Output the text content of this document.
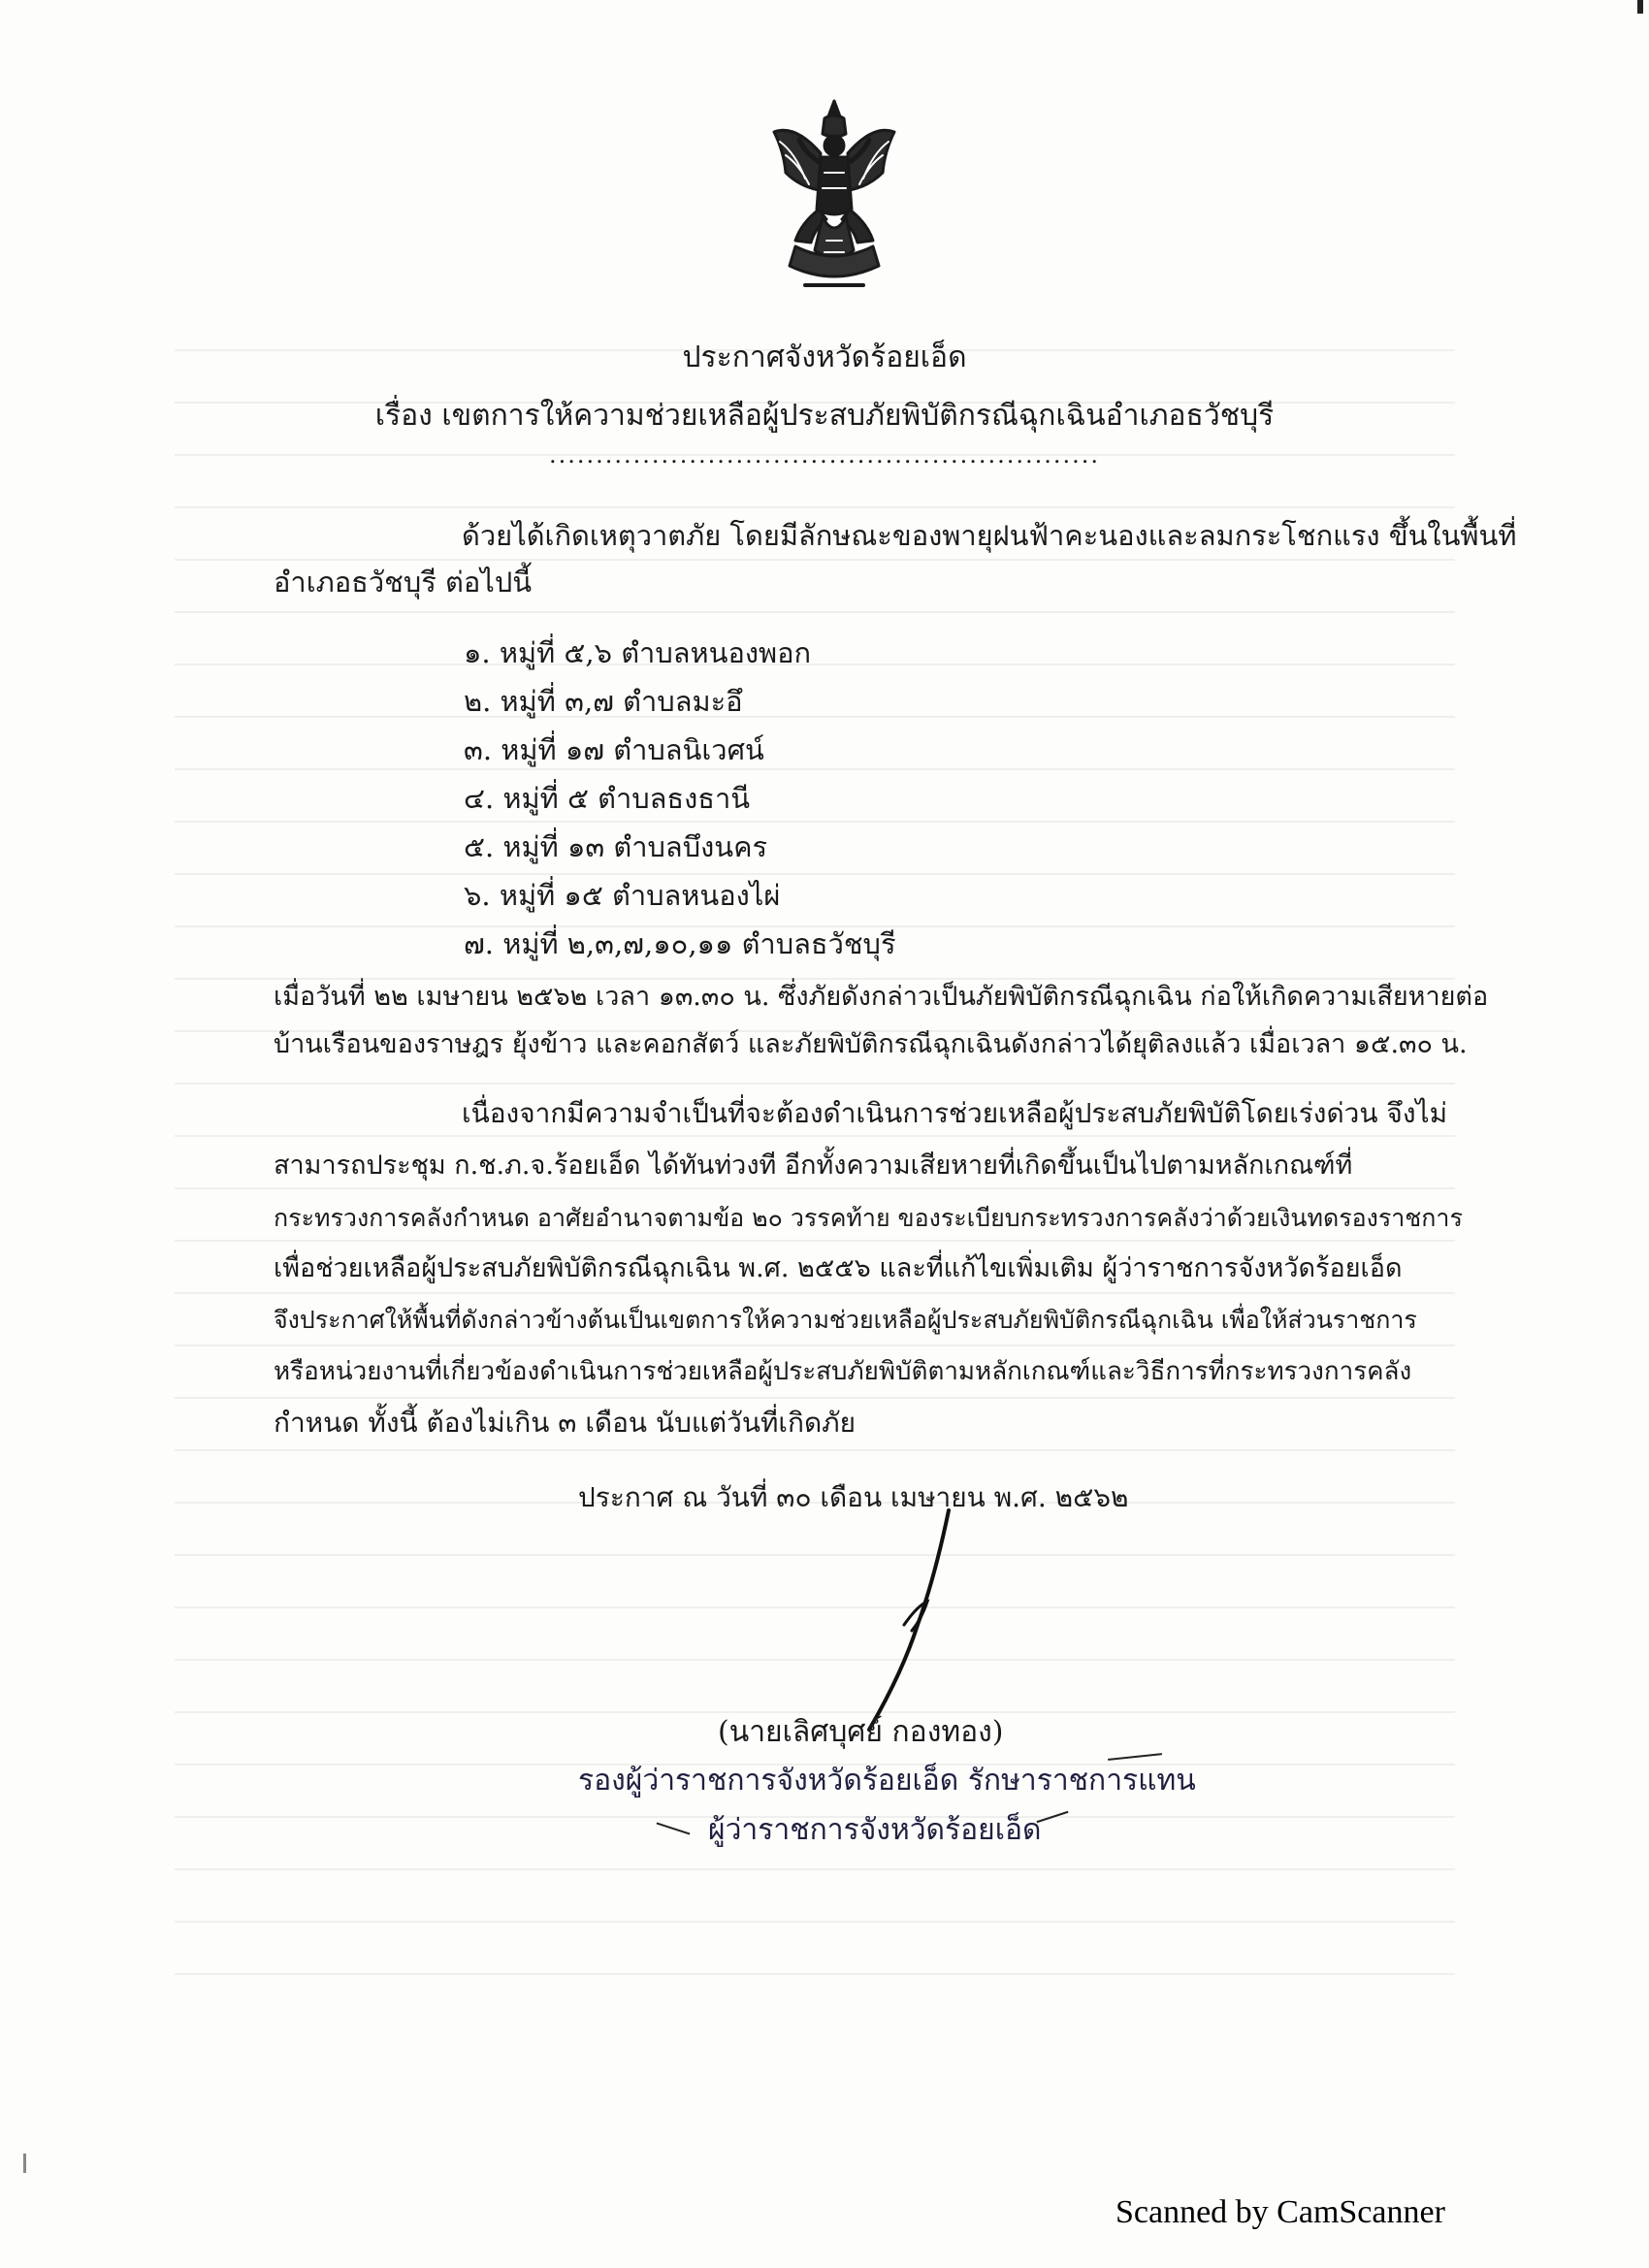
ประกาศจังหวัดร้อยเอ็ด
เรื่อง เขตการให้ความช่วยเหลือผู้ประสบภัยพิบัติกรณีฉุกเฉินอำเภอธวัชบุรี
...........................................................
ด้วยได้เกิดเหตุวาตภัย โดยมีลักษณะของพายุฝนฟ้าคะนองและลมกระโชกแรง ขึ้นในพื้นที่
อำเภอธวัชบุรี ต่อไปนี้
๑. หมู่ที่ ๕,๖ ตำบลหนองพอก
๒. หมู่ที่ ๓,๗ ตำบลมะอึ
๓. หมู่ที่ ๑๗ ตำบลนิเวศน์
๔. หมู่ที่ ๕ ตำบลธงธานี
๕. หมู่ที่ ๑๓ ตำบลบึงนคร
๖. หมู่ที่ ๑๕ ตำบลหนองไผ่
๗. หมู่ที่ ๒,๓,๗,๑๐,๑๑ ตำบลธวัชบุรี
เมื่อวันที่ ๒๒ เมษายน ๒๕๖๒ เวลา ๑๓.๓๐ น. ซึ่งภัยดังกล่าวเป็นภัยพิบัติกรณีฉุกเฉิน ก่อให้เกิดความเสียหายต่อ
บ้านเรือนของราษฎร ยุ้งข้าว และคอกสัตว์ และภัยพิบัติกรณีฉุกเฉินดังกล่าวได้ยุติลงแล้ว เมื่อเวลา ๑๕.๓๐ น.
เนื่องจากมีความจำเป็นที่จะต้องดำเนินการช่วยเหลือผู้ประสบภัยพิบัติโดยเร่งด่วน จึงไม่
สามารถประชุม ก.ช.ภ.จ.ร้อยเอ็ด ได้ทันท่วงที อีกทั้งความเสียหายที่เกิดขึ้นเป็นไปตามหลักเกณฑ์ที่
กระทรวงการคลังกำหนด อาศัยอำนาจตามข้อ ๒๐ วรรคท้าย ของระเบียบกระทรวงการคลังว่าด้วยเงินทดรองราชการ
เพื่อช่วยเหลือผู้ประสบภัยพิบัติกรณีฉุกเฉิน พ.ศ. ๒๕๕๖ และที่แก้ไขเพิ่มเติม ผู้ว่าราชการจังหวัดร้อยเอ็ด
จึงประกาศให้พื้นที่ดังกล่าวข้างต้นเป็นเขตการให้ความช่วยเหลือผู้ประสบภัยพิบัติกรณีฉุกเฉิน เพื่อให้ส่วนราชการ
หรือหน่วยงานที่เกี่ยวข้องดำเนินการช่วยเหลือผู้ประสบภัยพิบัติตามหลักเกณฑ์และวิธีการที่กระทรวงการคลัง
กำหนด ทั้งนี้ ต้องไม่เกิน ๓ เดือน นับแต่วันที่เกิดภัย
ประกาศ ณ วันที่ ๓๐ เดือน เมษายน พ.ศ. ๒๕๖๒
(นายเลิศบุศย์ กองทอง)
รองผู้ว่าราชการจังหวัดร้อยเอ็ด รักษาราชการแทน
ผู้ว่าราชการจังหวัดร้อยเอ็ด
Scanned by CamScanner
